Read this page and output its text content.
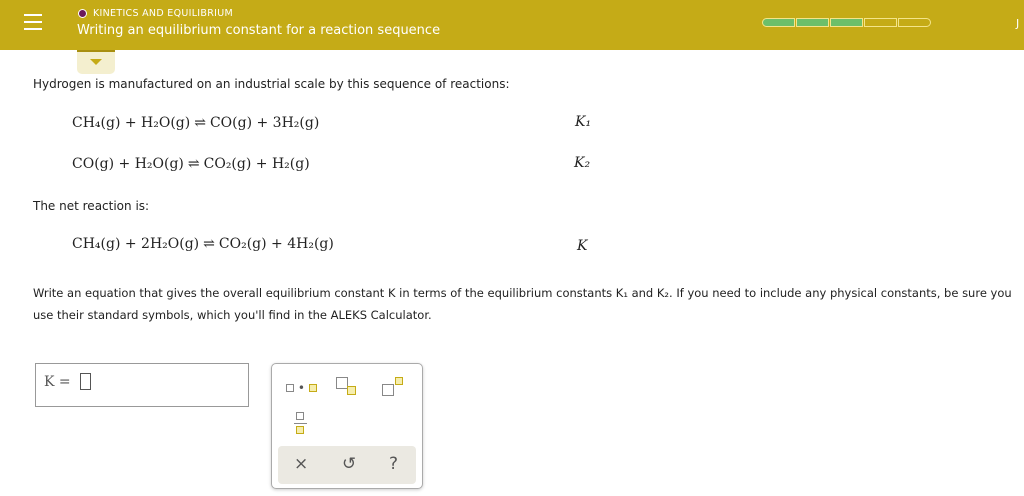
KINETICS AND EQUILIBRIUM
Writing an equilibrium constant for a reaction sequence	J
Hydrogen is manufactured on an industrial scale by this sequence of reactions:
CH₄(g) + H₂O(g) ⇌ CO(g) + 3H₂(g)	K₁
CO(g) + H₂O(g) ⇌ CO₂(g) + H₂(g)	K₂
The net reaction is:
CH₄(g) + 2H₂O(g) ⇌ CO₂(g) + 4H₂(g)	K
Write an equation that gives the overall equilibrium constant K in terms of the equilibrium constants K₁ and K₂. If you need to include any physical constants, be sure you use their standard symbols, which you'll find in the ALEKS Calculator.
K =	•
× ↺ ?
